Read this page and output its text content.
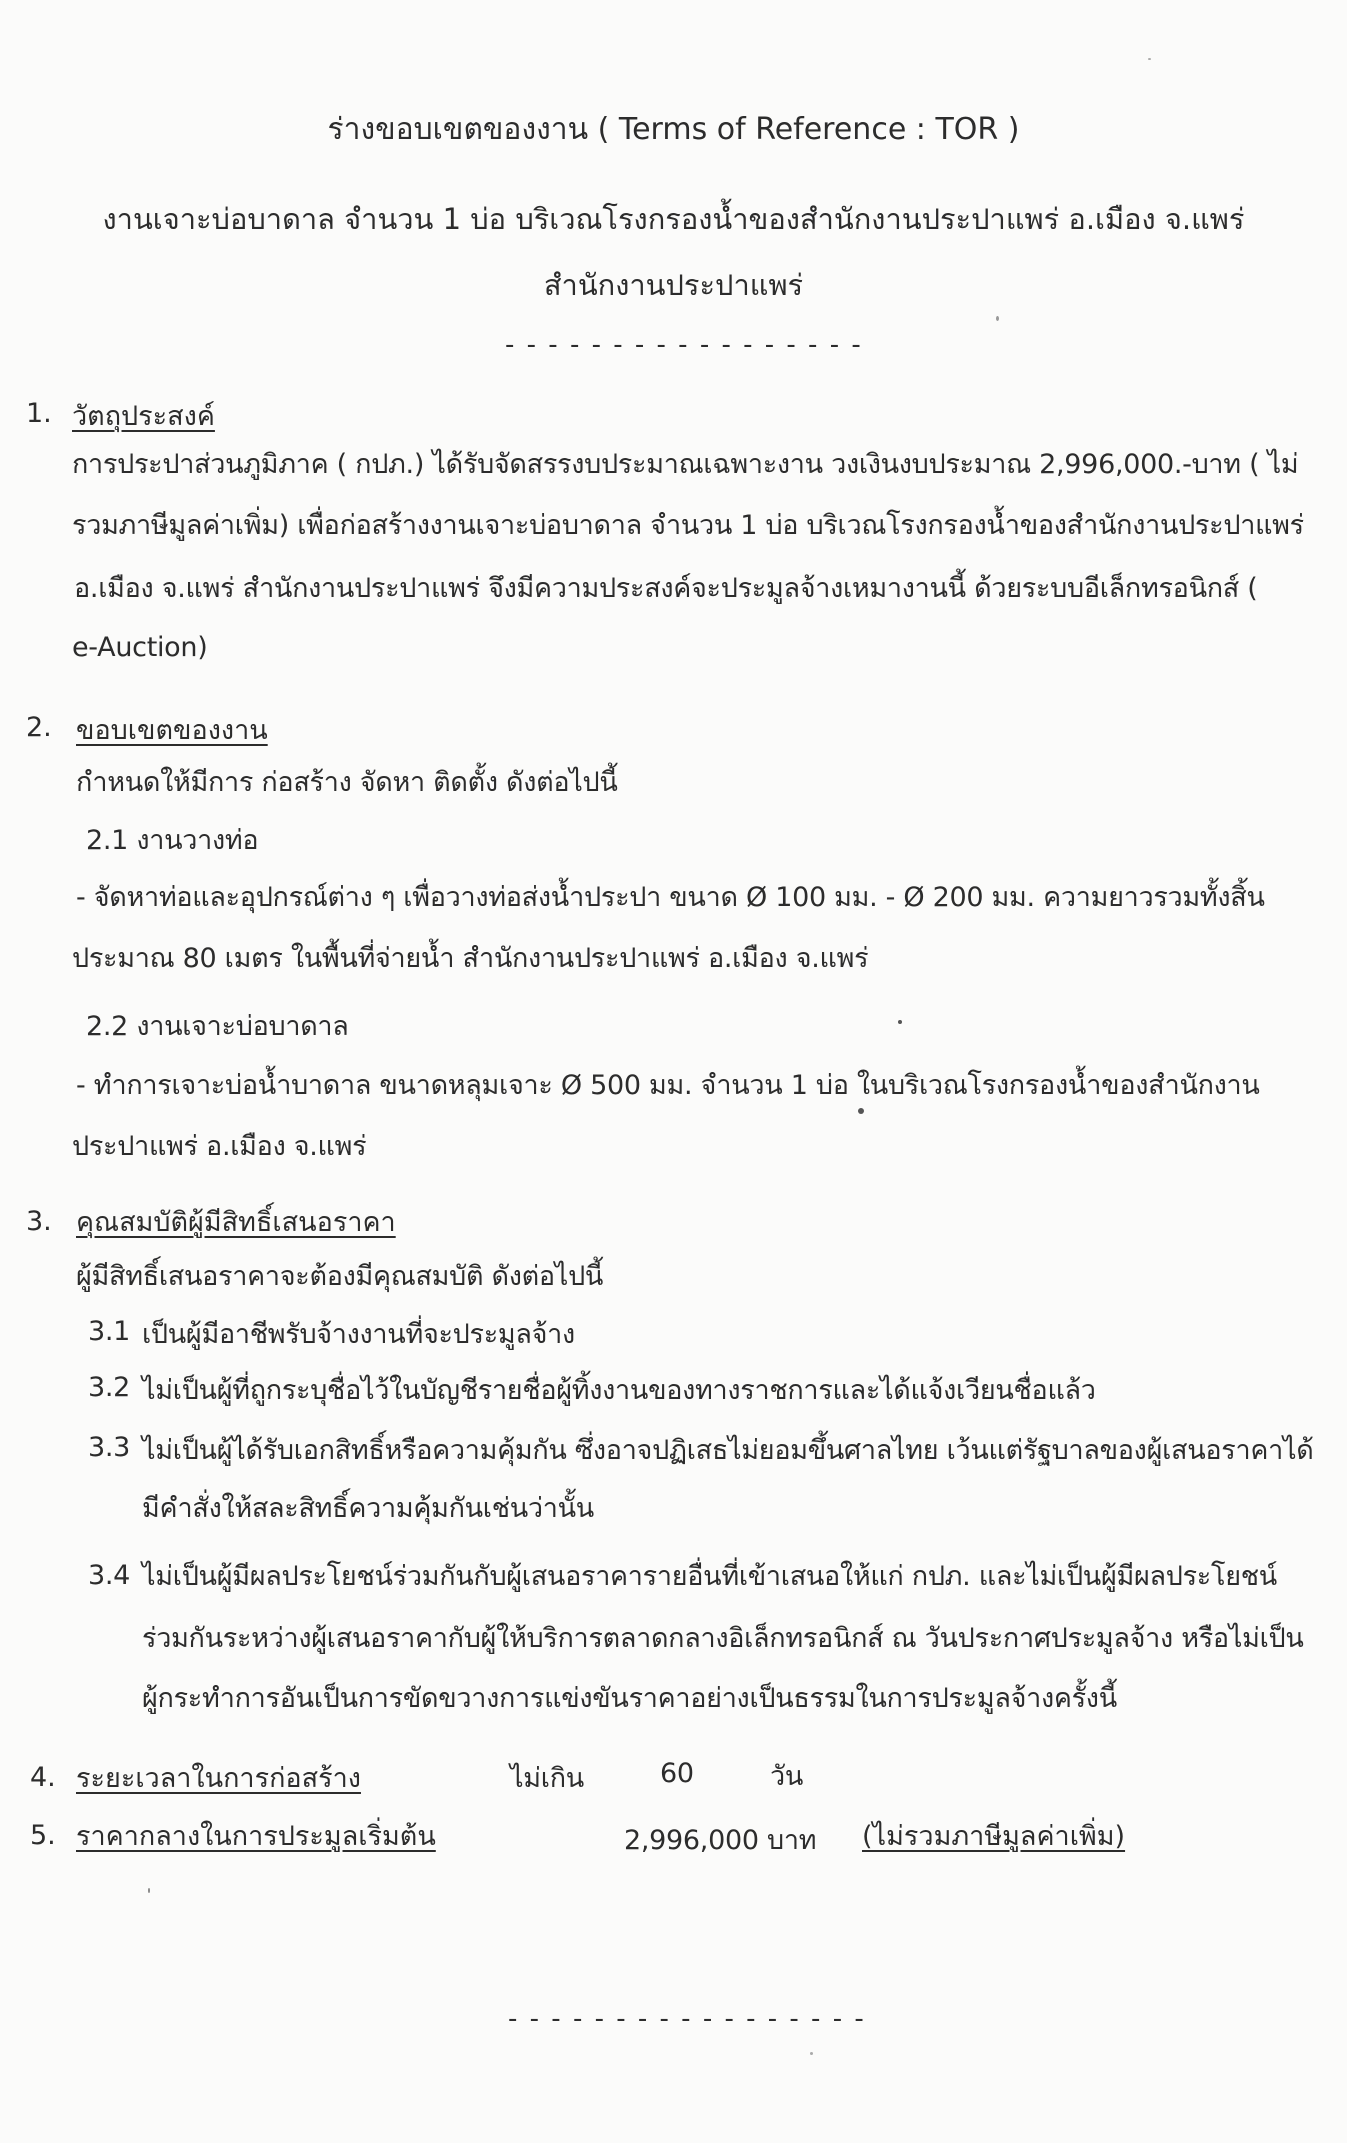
ร่างขอบเขตของงาน ( Terms of Reference : TOR )
งานเจาะบ่อบาดาล จำนวน 1 บ่อ บริเวณโรงกรองน้ำของสำนักงานประปาแพร่ อ.เมือง จ.แพร่
สำนักงานประปาแพร่
- - - - - - - - - - - - - - - - -
1. วัตถุประสงค์
การประปาส่วนภูมิภาค ( กปภ.) ได้รับจัดสรรงบประมาณเฉพาะงาน วงเงินงบประมาณ 2,996,000.-บาท ( ไม่
รวมภาษีมูลค่าเพิ่ม) เพื่อก่อสร้างงานเจาะบ่อบาดาล จำนวน 1 บ่อ บริเวณโรงกรองน้ำของสำนักงานประปาแพร่
อ.เมือง จ.แพร่ สำนักงานประปาแพร่ จึงมีความประสงค์จะประมูลจ้างเหมางานนี้ ด้วยระบบอีเล็กทรอนิกส์ (
e-Auction)
2. ขอบเขตของงาน
กำหนดให้มีการ ก่อสร้าง จัดหา ติดตั้ง ดังต่อไปนี้
2.1 งานวางท่อ
- จัดหาท่อและอุปกรณ์ต่าง ๆ เพื่อวางท่อส่งน้ำประปา ขนาด Ø 100 มม. - Ø 200 มม. ความยาวรวมทั้งสิ้น
ประมาณ 80 เมตร ในพื้นที่จ่ายน้ำ สำนักงานประปาแพร่ อ.เมือง จ.แพร่
2.2 งานเจาะบ่อบาดาล
- ทำการเจาะบ่อน้ำบาดาล ขนาดหลุมเจาะ Ø 500 มม. จำนวน 1 บ่อ ในบริเวณโรงกรองน้ำของสำนักงาน
ประปาแพร่ อ.เมือง จ.แพร่
3. คุณสมบัติผู้มีสิทธิ์เสนอราคา
ผู้มีสิทธิ์เสนอราคาจะต้องมีคุณสมบัติ ดังต่อไปนี้
3.1 เป็นผู้มีอาชีพรับจ้างงานที่จะประมูลจ้าง
3.2 ไม่เป็นผู้ที่ถูกระบุชื่อไว้ในบัญชีรายชื่อผู้ทิ้งงานของทางราชการและได้แจ้งเวียนชื่อแล้ว
3.3 ไม่เป็นผู้ได้รับเอกสิทธิ์หรือความคุ้มกัน ซึ่งอาจปฏิเสธไม่ยอมขึ้นศาลไทย เว้นแต่รัฐบาลของผู้เสนอราคาได้
มีคำสั่งให้สละสิทธิ์ความคุ้มกันเช่นว่านั้น
3.4 ไม่เป็นผู้มีผลประโยชน์ร่วมกันกับผู้เสนอราคารายอื่นที่เข้าเสนอให้แก่ กปภ. และไม่เป็นผู้มีผลประโยชน์
ร่วมกันระหว่างผู้เสนอราคากับผู้ให้บริการตลาดกลางอิเล็กทรอนิกส์ ณ วันประกาศประมูลจ้าง หรือไม่เป็น
ผู้กระทำการอันเป็นการขัดขวางการแข่งขันราคาอย่างเป็นธรรมในการประมูลจ้างครั้งนี้
4. ระยะเวลาในการก่อสร้าง	ไม่เกิน	60	วัน
5. ราคากลางในการประมูลเริ่มต้น	2,996,000 บาท (ไม่รวมภาษีมูลค่าเพิ่ม)
- - - - - - - - - - - - - - - - -
